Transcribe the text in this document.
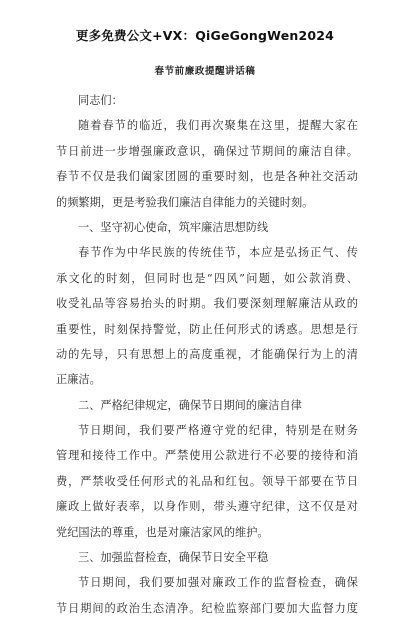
更多免费公文+VX：QiGeGongWen2024
春节前廉政提醒讲话稿
同志们：
随着春节的临近，我们再次聚集在这里，提醒大家在
节日前进一步增强廉政意识，确保过节期间的廉洁自律。
春节不仅是我们阖家团圆的重要时刻，也是各种社交活动
的频繁期，更是考验我们廉洁自律能力的关键时刻。
一、坚守初心使命，筑牢廉洁思想防线
春节作为中华民族的传统佳节，本应是弘扬正气、传
承文化的时刻，但同时也是“四风”问题，如公款消费、
收受礼品等容易抬头的时期。我们要深刻理解廉洁从政的
重要性，时刻保持警觉，防止任何形式的诱惑。思想是行
动的先导，只有思想上的高度重视，才能确保行为上的清
正廉洁。
二、严格纪律规定，确保节日期间的廉洁自律
节日期间，我们要严格遵守党的纪律，特别是在财务
管理和接待工作中。严禁使用公款进行不必要的接待和消
费，严禁收受任何形式的礼品和红包。领导干部要在节日
廉政上做好表率，以身作则，带头遵守纪律，这不仅是对
党纪国法的尊重，也是对廉洁家风的维护。
三、加强监督检查，确保节日安全平稳
节日期间，我们要加强对廉政工作的监督检查，确保
节日期间的政治生态清净。纪检监察部门要加大监督力度
